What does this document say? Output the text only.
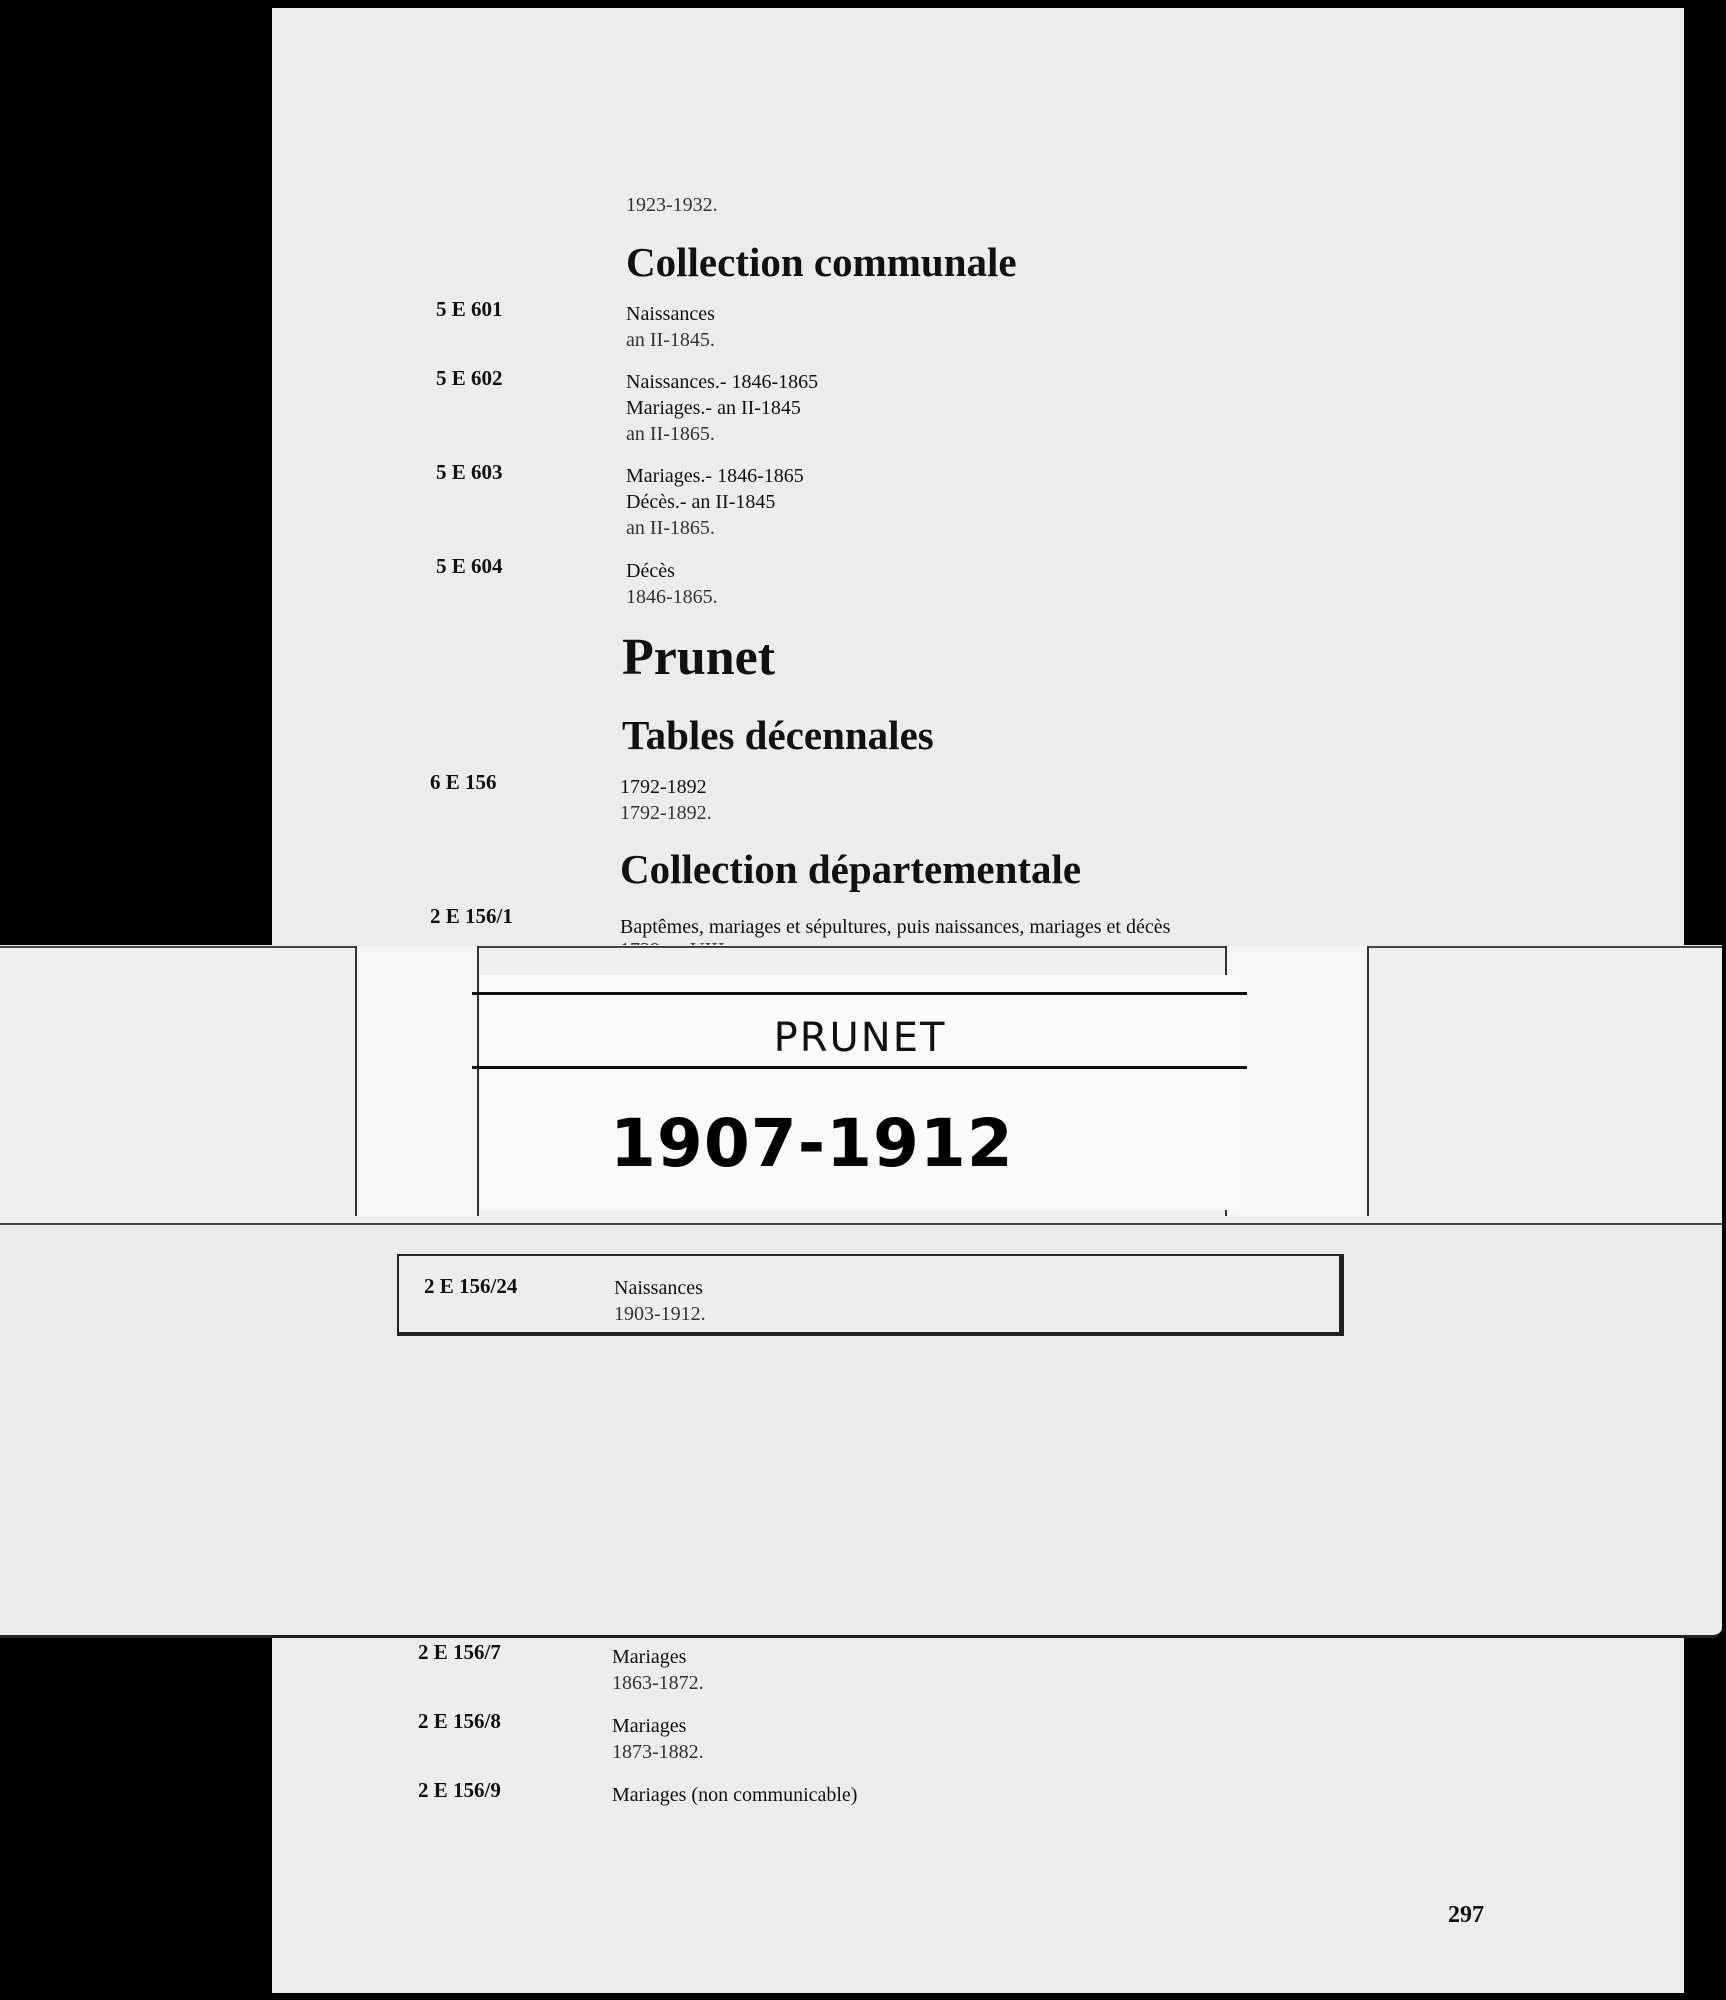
1923-1932.
Collection communale
5 E 601	Naissances
an II-1845.
5 E 602	Naissances.- 1846-1865
Mariages.- an II-1845
an II-1865.
5 E 603	Mariages.- 1846-1865
Décès.- an II-1845
an II-1865.
5 E 604	Décès
1846-1865.
Prunet
Tables décennales
6 E 156	1792-1892
1792-1892.
Collection départementale
2 E 156/1	Baptêmes, mariages et sépultures, puis naissances, mariages et décès
PRUNET
1907-1912
2 E 156/24	Naissances
1903-1912.
2 E 156/7	Mariages
1863-1872.
2 E 156/8	Mariages
1873-1882.
2 E 156/9	Mariages (non communicable)
297
